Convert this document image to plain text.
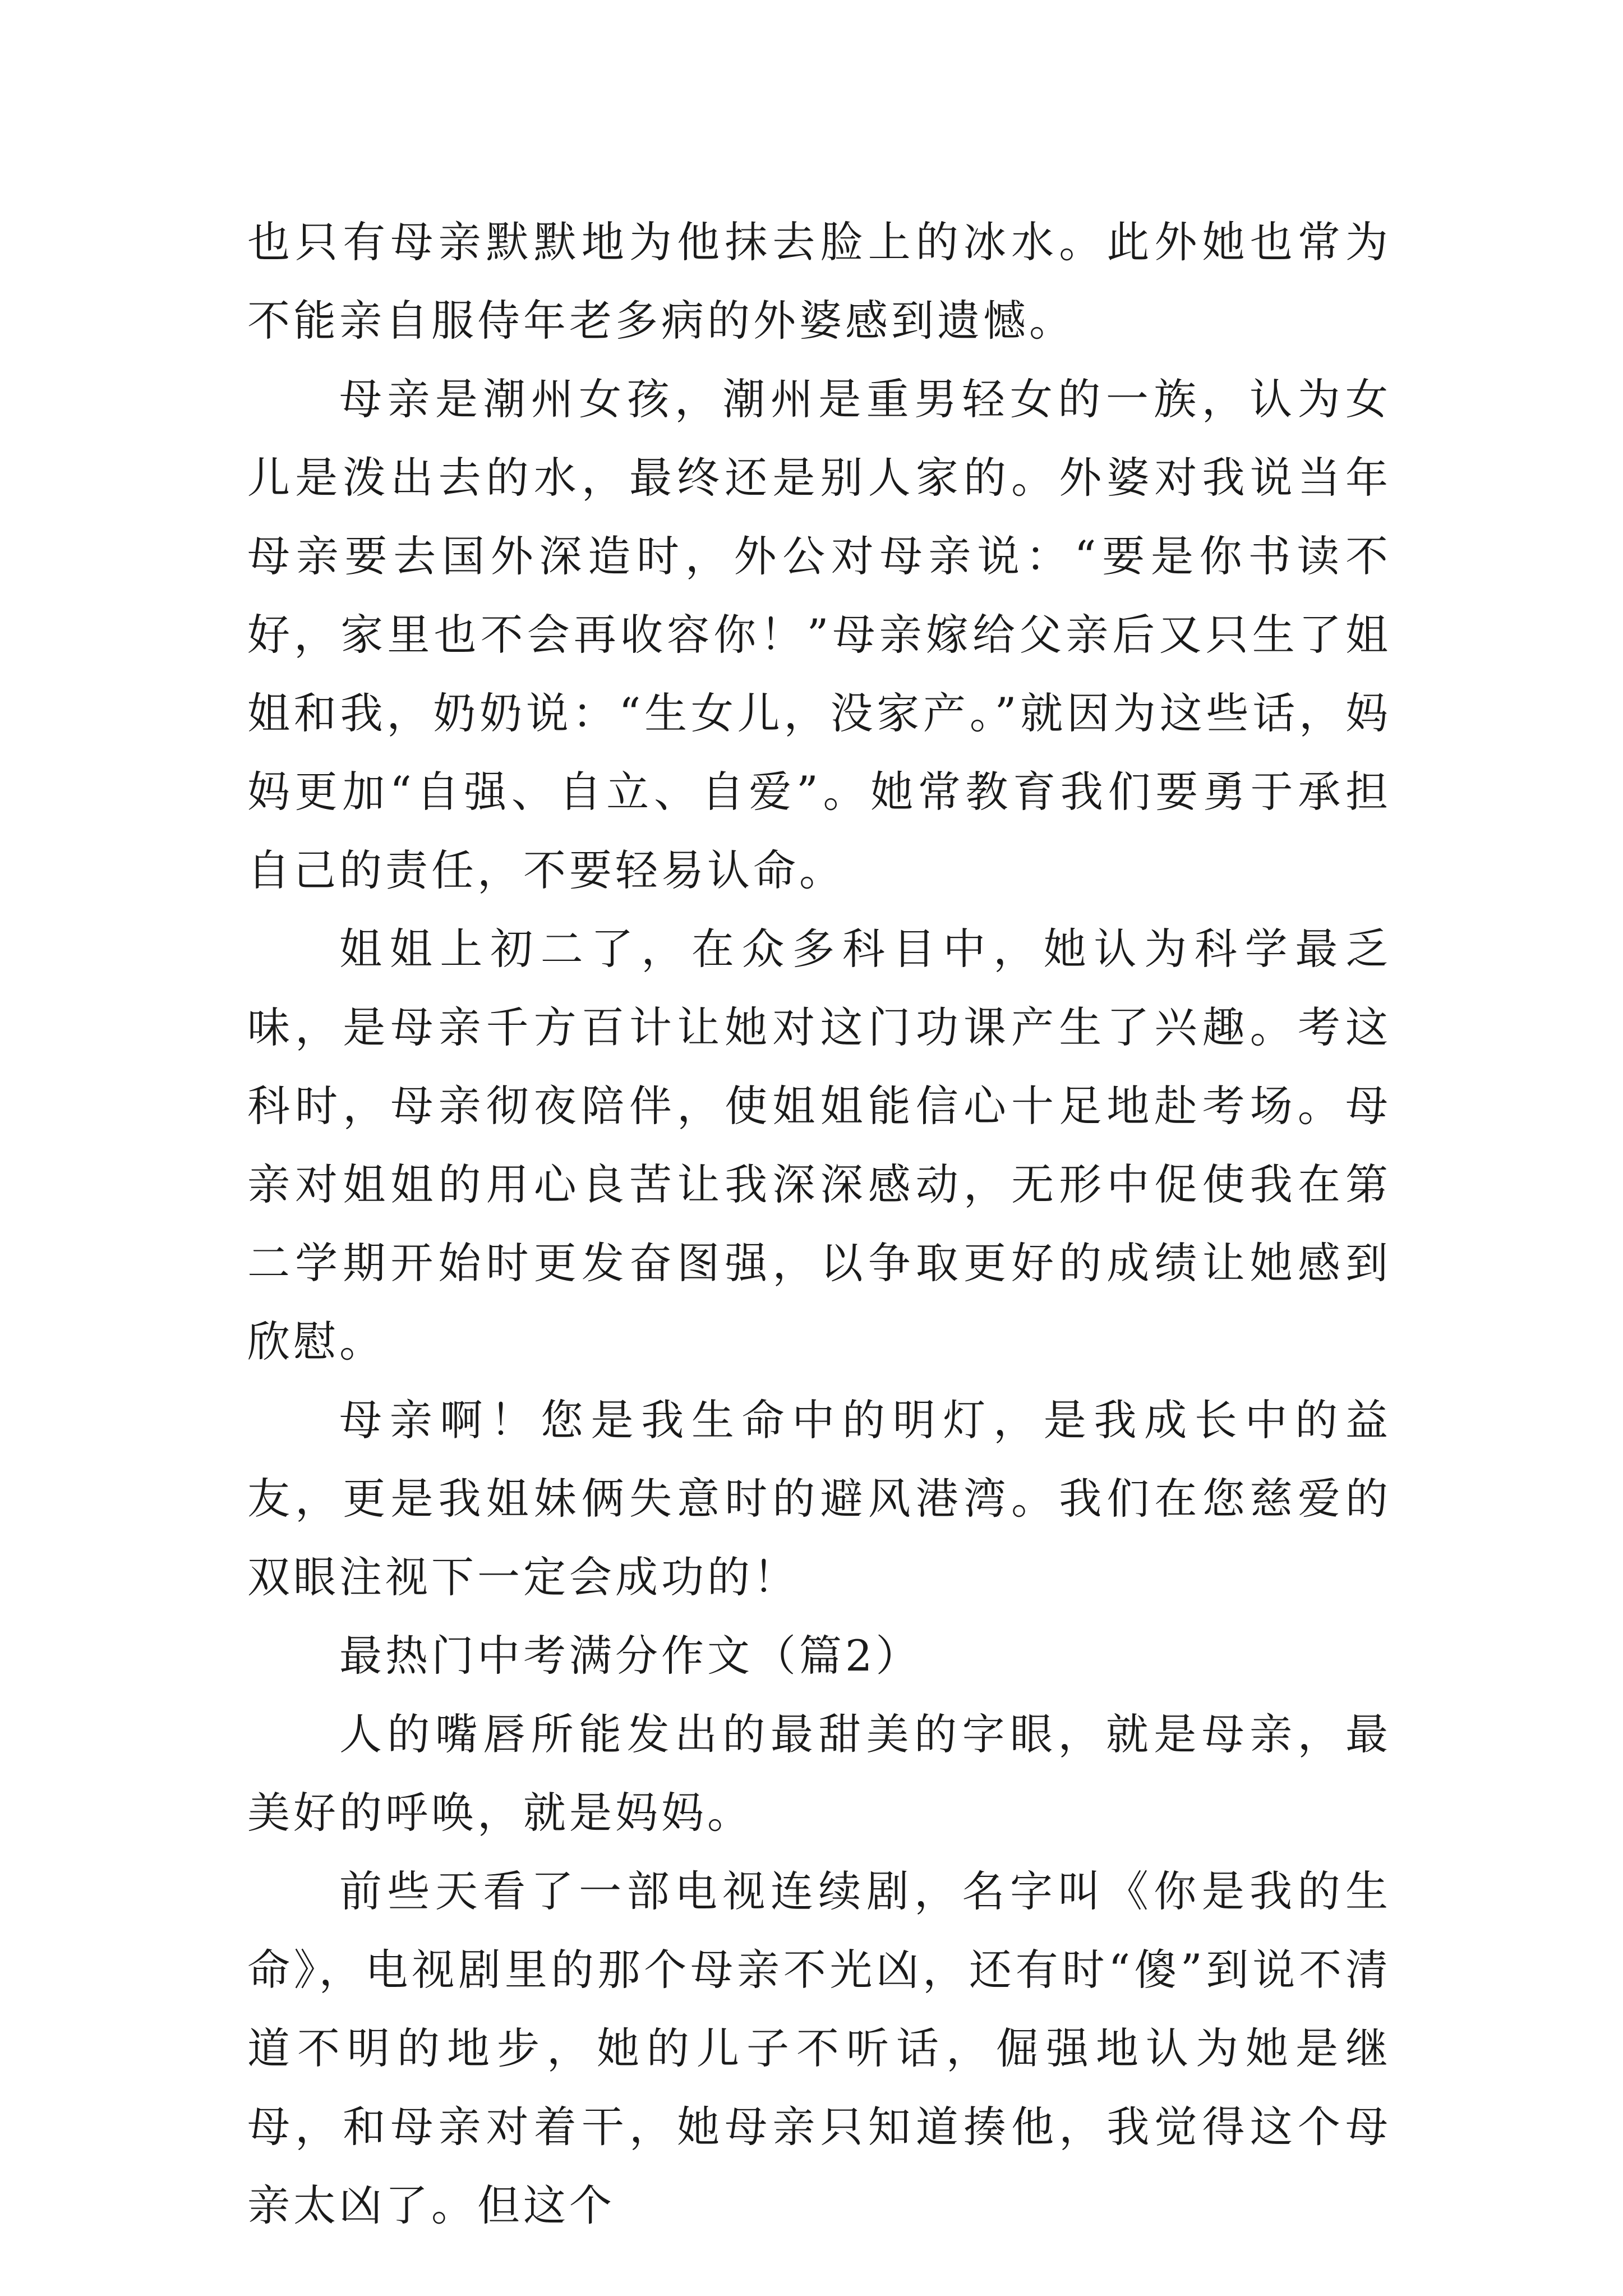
也只有母亲默默地为他抹去脸上的冰水。此外她也常为不能亲自服侍年老多病的外婆感到遗憾。

母亲是潮州女孩，潮州是重男轻女的一族，认为女儿是泼出去的水，最终还是别人家的。外婆对我说当年母亲要去国外深造时，外公对母亲说：“要是你书读不好，家里也不会再收容你！”母亲嫁给父亲后又只生了姐姐和我，奶奶说：“生女儿，没家产。”就因为这些话，妈妈更加“自强、自立、自爱”。她常教育我们要勇于承担自己的责任，不要轻易认命。

姐姐上初二了，在众多科目中，她认为科学最乏味，是母亲千方百计让她对这门功课产生了兴趣。考这科时，母亲彻夜陪伴，使姐姐能信心十足地赴考场。母亲对姐姐的用心良苦让我深深感动，无形中促使我在第二学期开始时更发奋图强，以争取更好的成绩让她感到欣慰。

母亲啊！您是我生命中的明灯，是我成长中的益友，更是我姐妹俩失意时的避风港湾。我们在您慈爱的双眼注视下一定会成功的！

最热门中考满分作文（篇2）

人的嘴唇所能发出的最甜美的字眼，就是母亲，最美好的呼唤，就是妈妈。

前些天看了一部电视连续剧，名字叫《你是我的生命》，电视剧里的那个母亲不光凶，还有时“傻”到说不清道不明的地步，她的儿子不听话，倔强地认为她是继母，和母亲对着干，她母亲只知道揍他，我觉得这个母亲太凶了。但这个
